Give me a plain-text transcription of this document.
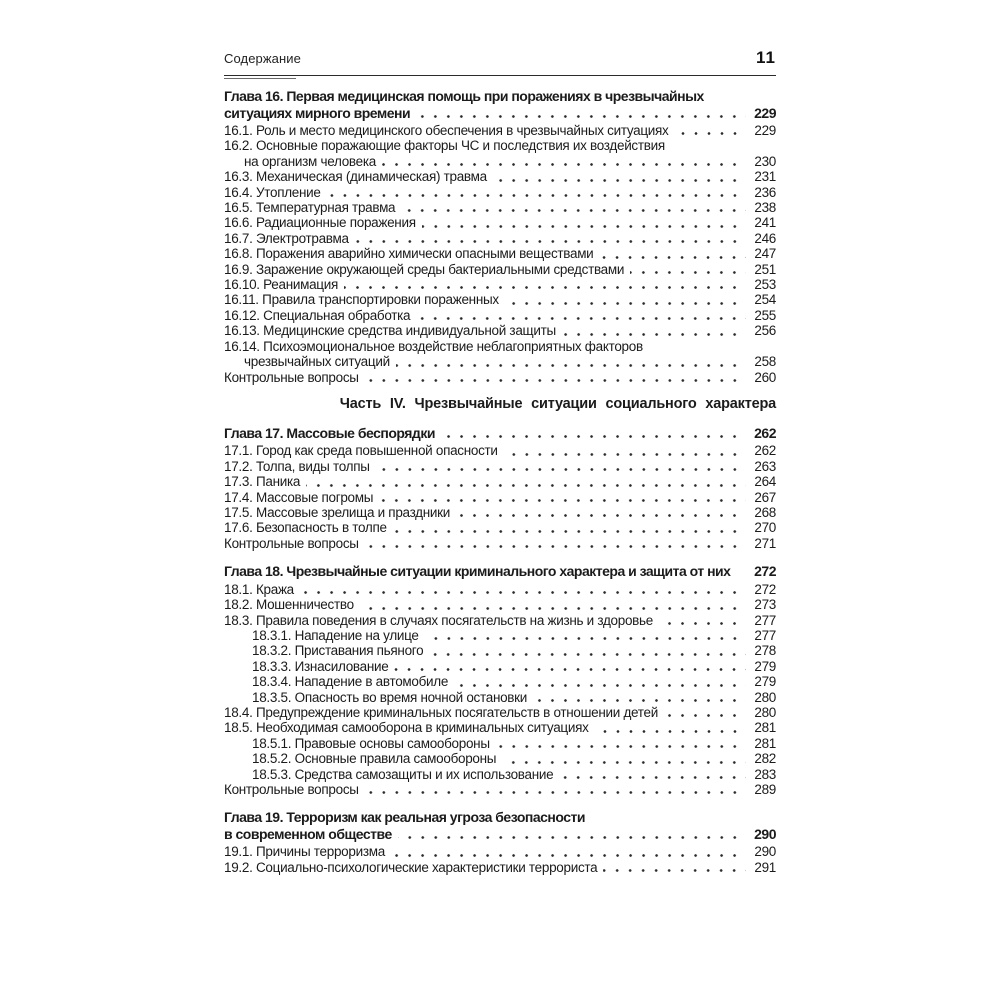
Содержание	11
Глава 16. Первая медицинская помощь при поражениях в чрезвычайных
ситуациях мирного времени	229
16.1. Роль и место медицинского обеспечения в чрезвычайных ситуациях	229
16.2. Основные поражающие факторы ЧС и последствия их воздействия
на организм человека	230
16.3. Механическая (динамическая) травма	231
16.4. Утопление	236
16.5. Температурная травма	238
16.6. Радиационные поражения	241
16.7. Электротравма	246
16.8. Поражения аварийно химически опасными веществами	247
16.9. Заражение окружающей среды бактериальными средствами	251
16.10. Реанимация	253
16.11. Правила транспортировки пораженных	254
16.12. Специальная обработка	255
16.13. Медицинские средства индивидуальной защиты	256
16.14. Психоэмоциональное воздействие неблагоприятных факторов
чрезвычайных ситуаций	258
Контрольные вопросы	260
Часть IV. Чрезвычайные ситуации социального характера
Глава 17. Массовые беспорядки	262
17.1. Город как среда повышенной опасности	262
17.2. Толпа, виды толпы	263
17.3. Паника	264
17.4. Массовые погромы	267
17.5. Массовые зрелища и праздники	268
17.6. Безопасность в толпе	270
Контрольные вопросы	271
Глава 18. Чрезвычайные ситуации криминального характера и защита от них	272
18.1. Кража	272
18.2. Мошенничество	273
18.3. Правила поведения в случаях посягательств на жизнь и здоровье	277
18.3.1. Нападение на улице	277
18.3.2. Приставания пьяного	278
18.3.3. Изнасилование	279
18.3.4. Нападение в автомобиле	279
18.3.5. Опасность во время ночной остановки	280
18.4. Предупреждение криминальных посягательств в отношении детей	280
18.5. Необходимая самооборона в криминальных ситуациях	281
18.5.1. Правовые основы самообороны	281
18.5.2. Основные правила самообороны	282
18.5.3. Средства самозащиты и их использование	283
Контрольные вопросы	289
Глава 19. Терроризм как реальная угроза безопасности
в современном обществе	290
19.1. Причины терроризма	290
19.2. Социально-психологические характеристики террориста	291
